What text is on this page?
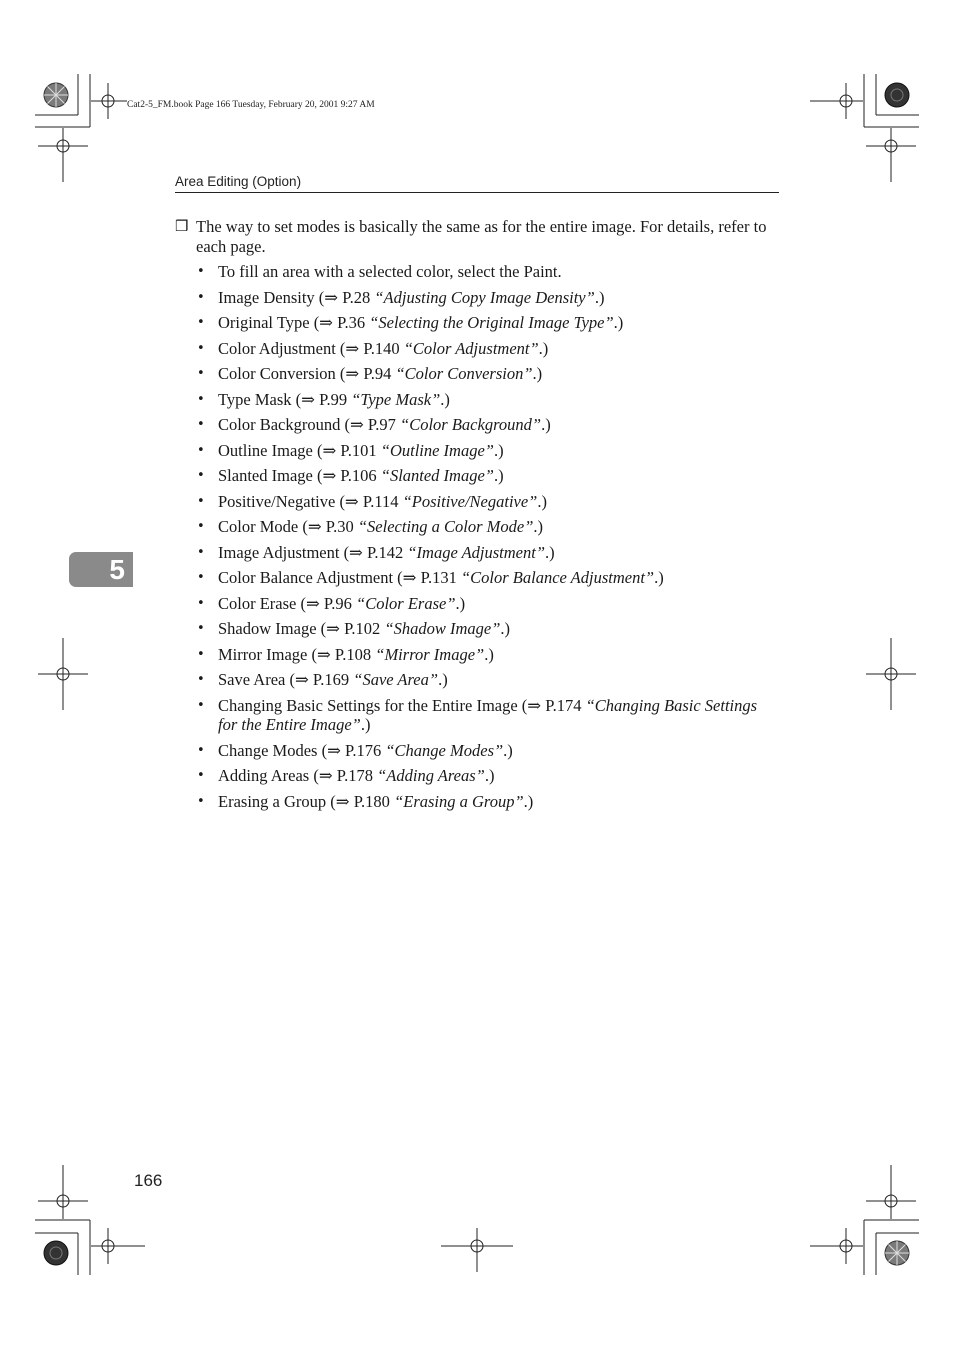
Cat2-5_FM.book Page 166 Tuesday, February 20, 2001 9:27 AM
Area Editing (Option)
❒ The way to set modes is basically the same as for the entire image. For details, refer to each page.
• To fill an area with a selected color, select the Paint.
• Image Density (⇒ P.28 “Adjusting Copy Image Density”.)
• Original Type (⇒ P.36 “Selecting the Original Image Type”.)
• Color Adjustment (⇒ P.140 “Color Adjustment”.)
• Color Conversion (⇒ P.94 “Color Conversion”.)
• Type Mask (⇒ P.99 “Type Mask”.)
• Color Background (⇒ P.97 “Color Background”.)
• Outline Image (⇒ P.101 “Outline Image”.)
• Slanted Image (⇒ P.106 “Slanted Image”.)
• Positive/Negative (⇒ P.114 “Positive/Negative”.)
• Color Mode (⇒ P.30 “Selecting a Color Mode”.)
• Image Adjustment (⇒ P.142 “Image Adjustment”.)
• Color Balance Adjustment (⇒ P.131 “Color Balance Adjustment”.)
• Color Erase (⇒ P.96 “Color Erase”.)
• Shadow Image (⇒ P.102 “Shadow Image”.)
• Mirror Image (⇒ P.108 “Mirror Image”.)
• Save Area (⇒ P.169 “Save Area”.)
• Changing Basic Settings for the Entire Image (⇒ P.174 “Changing Basic Settings for the Entire Image”.)
• Change Modes (⇒ P.176 “Change Modes”.)
• Adding Areas (⇒ P.178 “Adding Areas”.)
• Erasing a Group (⇒ P.180 “Erasing a Group”.)
5
166
